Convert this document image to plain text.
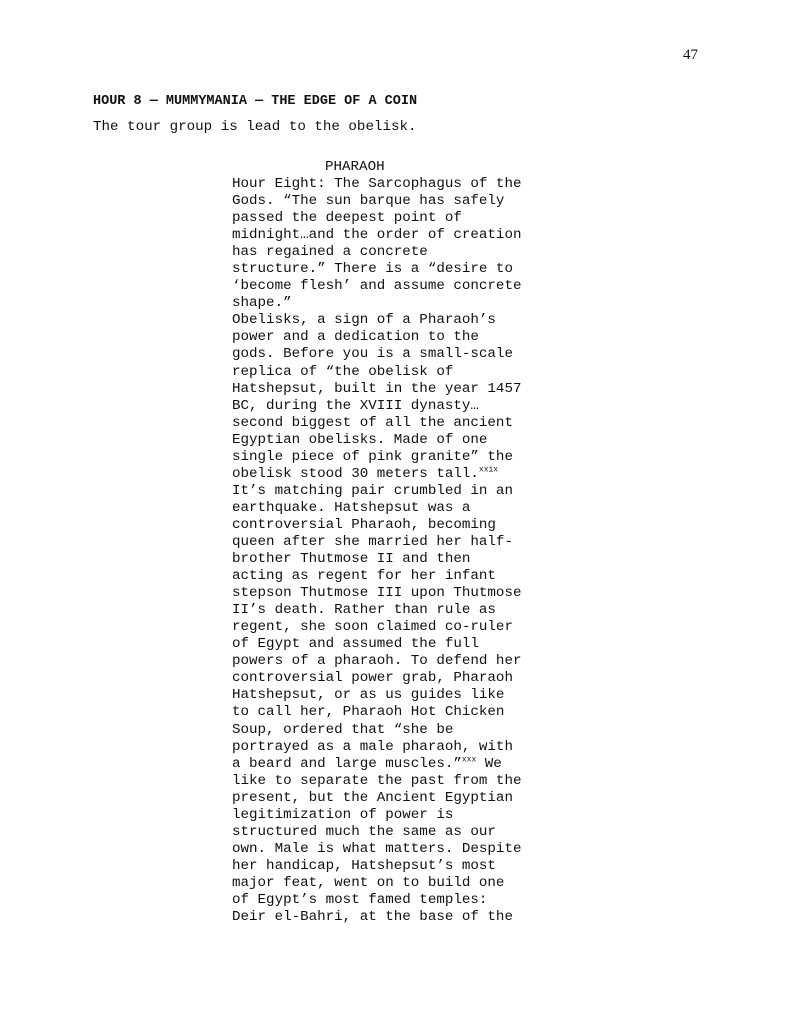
47
HOUR 8 — MUMMYMANIA — THE EDGE OF A COIN
The tour group is lead to the obelisk.
PHARAOH
Hour Eight: The Sarcophagus of the
Gods. “The sun barque has safely
passed the deepest point of
midnight…and the order of creation
has regained a concrete
structure.” There is a “desire to
‘become flesh’ and assume concrete
shape.”
Obelisks, a sign of a Pharaoh’s
power and a dedication to the
gods. Before you is a small-scale
replica of “the obelisk of
Hatshepsut, built in the year 1457
BC, during the XVIII dynasty…
second biggest of all the ancient
Egyptian obelisks. Made of one
single piece of pink granite” the
obelisk stood 30 meters tall.$^{xxix}$
It’s matching pair crumbled in an
earthquake. Hatshepsut was a
controversial Pharaoh, becoming
queen after she married her half-
brother Thutmose II and then
acting as regent for her infant
stepson Thutmose III upon Thutmose
II’s death. Rather than rule as
regent, she soon claimed co-ruler
of Egypt and assumed the full
powers of a pharaoh. To defend her
controversial power grab, Pharaoh
Hatshepsut, or as us guides like
to call her, Pharaoh Hot Chicken
Soup, ordered that “she be
portrayed as a male pharaoh, with
a beard and large muscles.”$^{xxx}$ We
like to separate the past from the
present, but the Ancient Egyptian
legitimization of power is
structured much the same as our
own. Male is what matters. Despite
her handicap, Hatshepsut’s most
major feat, went on to build one
of Egypt’s most famed temples:
Deir el-Bahri, at the base of the
